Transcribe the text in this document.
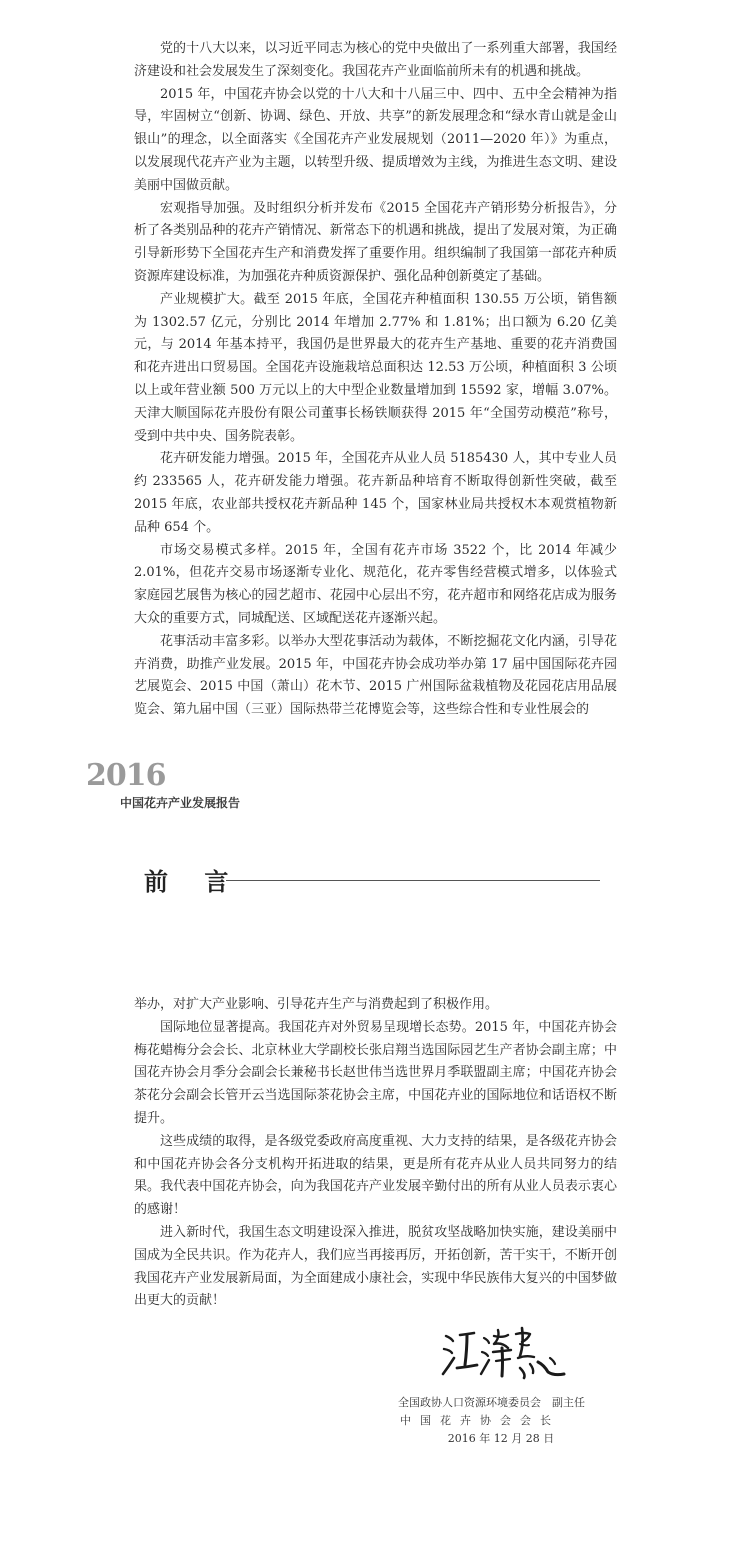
党的十八大以来，以习近平同志为核心的党中央做出了一系列重大部署，我国经济建设和社会发展发生了深刻变化。我国花卉产业面临前所未有的机遇和挑战。

2015 年，中国花卉协会以党的十八大和十八届三中、四中、五中全会精神为指导，牢固树立“创新、协调、绿色、开放、共享”的新发展理念和“绿水青山就是金山银山”的理念，以全面落实《全国花卉产业发展规划（2011—2020 年）》为重点，以发展现代花卉产业为主题，以转型升级、提质增效为主线，为推进生态文明、建设美丽中国做贡献。

宏观指导加强。及时组织分析并发布《2015 全国花卉产销形势分析报告》，分析了各类别品种的花卉产销情况、新常态下的机遇和挑战，提出了发展对策，为正确引导新形势下全国花卉生产和消费发挥了重要作用。组织编制了我国第一部花卉种质资源库建设标准，为加强花卉种质资源保护、强化品种创新奠定了基础。

产业规模扩大。截至 2015 年底，全国花卉种植面积 130.55 万公顷，销售额为 1302.57 亿元，分别比 2014 年增加 2.77% 和 1.81%；出口额为 6.20 亿美元，与 2014 年基本持平，我国仍是世界最大的花卉生产基地、重要的花卉消费国和花卉进出口贸易国。全国花卉设施栽培总面积达 12.53 万公顷，种植面积 3 公顷以上或年营业额 500 万元以上的大中型企业数量增加到 15592 家，增幅 3.07%。天津大顺国际花卉股份有限公司董事长杨铁顺获得 2015 年“全国劳动模范”称号，受到中共中央、国务院表彰。

花卉研发能力增强。2015 年，全国花卉从业人员 5185430 人，其中专业人员约 233565 人，花卉研发能力增强。花卉新品种培育不断取得创新性突破，截至 2015 年底，农业部共授权花卉新品种 145 个，国家林业局共授权木本观赏植物新品种 654 个。

市场交易模式多样。2015 年，全国有花卉市场 3522 个，比 2014 年减少 2.01%，但花卉交易市场逐渐专业化、规范化，花卉零售经营模式增多，以体验式家庭园艺展售为核心的园艺超市、花园中心层出不穷，花卉超市和网络花店成为服务大众的重要方式，同城配送、区域配送花卉逐渐兴起。

花事活动丰富多彩。以举办大型花事活动为载体，不断挖掘花文化内涵，引导花卉消费，助推产业发展。2015 年，中国花卉协会成功举办第 17 届中国国际花卉园艺展览会、2015 中国（萧山）花木节、2015 广州国际盆栽植物及花园花店用品展览会、第九届中国（三亚）国际热带兰花博览会等，这些综合性和专业性展会的

2016
中国花卉产业发展报告
前 言

举办，对扩大产业影响、引导花卉生产与消费起到了积极作用。

国际地位显著提高。我国花卉对外贸易呈现增长态势。2015 年，中国花卉协会梅花蜡梅分会会长、北京林业大学副校长张启翔当选国际园艺生产者协会副主席；中国花卉协会月季分会副会长兼秘书长赵世伟当选世界月季联盟副主席；中国花卉协会茶花分会副会长管开云当选国际茶花协会主席，中国花卉业的国际地位和话语权不断提升。

这些成绩的取得，是各级党委政府高度重视、大力支持的结果，是各级花卉协会和中国花卉协会各分支机构开拓进取的结果，更是所有花卉从业人员共同努力的结果。我代表中国花卉协会，向为我国花卉产业发展辛勤付出的所有从业人员表示衷心的感谢！

进入新时代，我国生态文明建设深入推进，脱贫攻坚战略加快实施，建设美丽中国成为全民共识。作为花卉人，我们应当再接再厉，开拓创新，苦干实干，不断开创我国花卉产业发展新局面，为全面建成小康社会，实现中华民族伟大复兴的中国梦做出更大的贡献！

全国政协人口资源环境委员会　副主任
中国花卉协会会长
2016 年 12 月 28 日
